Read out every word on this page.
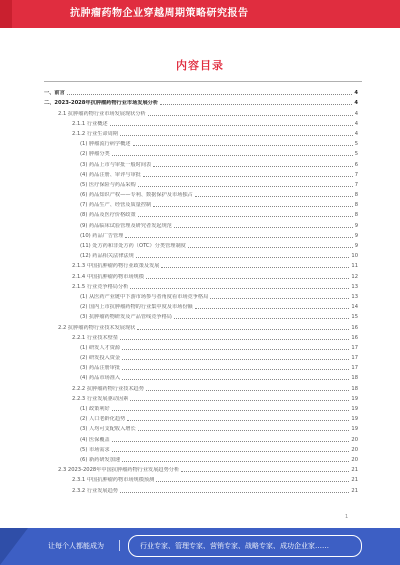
抗肿瘤药物企业穿越周期策略研究报告
内容目录
一、前言	4
二、2023-2028年抗肿瘤药物行业市场发展分析	4
2.1 抗肿瘤药物行业市场发展现状分析	4
2.1.1 行业概述	4
2.1.2 行业生命周期	4
(1) 肿瘤流行病学概述	5
(2) 肿瘤分类	5
(3) 药品上市与审批一般时间表	6
(4) 药品注册、审评与审批	7
(5) 医疗保险与药品采购	7
(6) 药品知识产权——专利、数据保护及市场独占	8
(7) 药品生产、经营及质量控制	8
(8) 药品及医疗价格政策	8
(9) 药品临床试验管理及研究者发起规范	9
(10) 药品广告管理	9
(11) 处方药和非处方药（OTC）分类管理制度	9
(12) 药品相关法律法规	10
2.1.3 中国抗肿瘤药物行业政策及发展	11
2.1.4 中国抗肿瘤药物市场规模	12
2.1.5 行业竞争格局分析	13
(1) 从医药产业链中下游市场参与者角度看市场竞争格局	13
(2) 国内上市抗肿瘤药物的行业集中度及市场份额	14
(3) 抗肿瘤药物研发及产品管线竞争格局	15
2.2 抗肿瘤药物行业技术发展现状	16
2.2.1 行业技术壁垒	16
(1) 研发人才资源	17
(2) 研发投入资金	17
(3) 药品注册审批	17
(4) 药品市场准入	18
2.2.2 抗肿瘤药物行业技术趋势	18
2.2.3 行业发展驱动因素	19
(1) 政策利好	19
(2) 人口老龄化趋势	19
(3) 人均可支配收入增长	19
(4) 医保覆盖	20
(5) 市场需求	20
(6) 新药研发加速	20
2.3 2023-2028年中国抗肿瘤药物行业发展趋势分析	21
2.3.1 中国抗肿瘤药物市场规模预测	21
2.3.2 行业发展趋势	21
1
让每个人都能成为	行业专家、管理专家、营销专家、战略专家、成功企业家……
